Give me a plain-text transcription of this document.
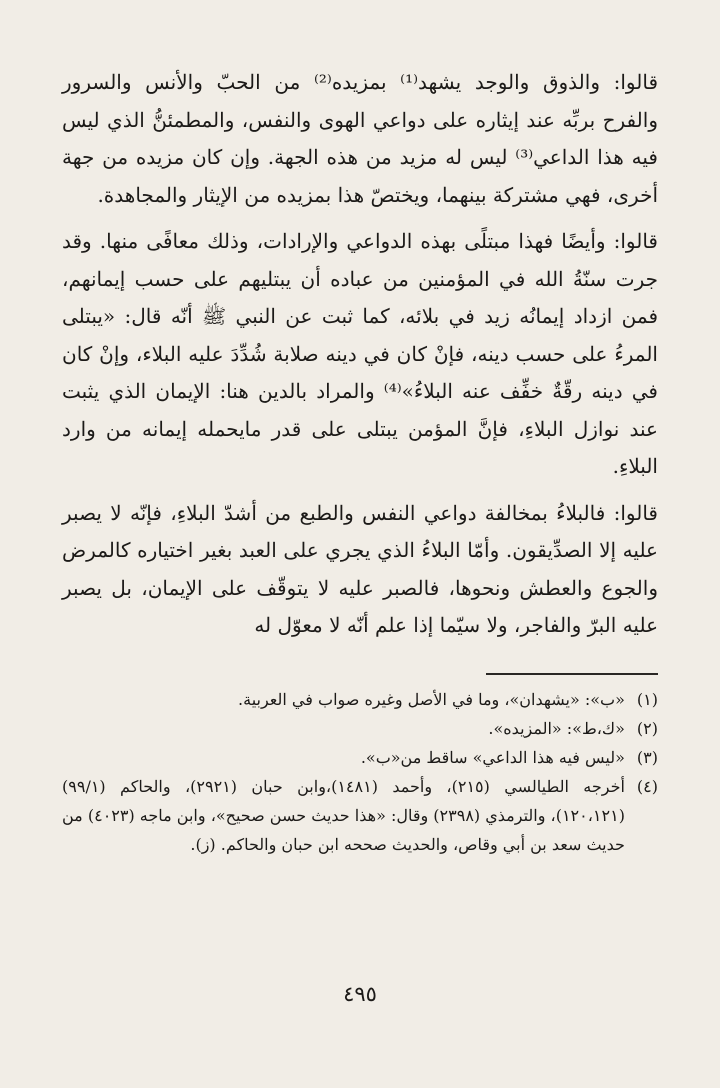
قالوا: والذوق والوجد يشهد⁽¹⁾ بمزيده⁽²⁾ من الحبّ والأنس والسرور والفرح بربِّه عند إيثاره على دواعي الهوى والنفس، والمطمئنُّ الذي ليس فيه هذا الداعي⁽³⁾ ليس له مزيد من هذه الجهة. وإن كان مزيده من جهة أخرى، فهي مشتركة بينهما، ويختصّ هذا بمزيده من الإيثار والمجاهدة.

قالوا: وأيضًا فهذا مبتلًى بهذه الدواعي والإرادات، وذلك معافًى منها. وقد جرت سنّةُ الله في المؤمنين من عباده أن يبتليهم على حسب إيمانهم، فمن ازداد إيمانُه زيد في بلائه، كما ثبت عن النبي ﷺ أنّه قال: «يبتلى المرءُ على حسب دينه، فإنْ كان في دينه صلابة شُدِّدَ عليه البلاء، وإنْ كان في دينه رقّةٌ خفِّف عنه البلاءُ»⁽⁴⁾ والمراد بالدين هنا: الإيمان الذي يثبت عند نوازل البلاءِ، فإنَّ المؤمن يبتلى على قدر مايحمله إيمانه من وارد البلاءِ.

قالوا: فالبلاءُ بمخالفة دواعي النفس والطبع من أشدّ البلاءِ، فإنّه لا يصبر عليه إلا الصدِّيقون. وأمّا البلاءُ الذي يجري على العبد بغير اختياره كالمرض والجوع والعطش ونحوها، فالصبر عليه لا يتوقّف على الإيمان، بل يصبر عليه البرّ والفاجر، ولا سيّما إذا علم أنّه لا معوّل له

(١)
«ب»: «يشهدان»، وما في الأصل وغيره صواب في العربية.
(٢)
«ك،ط»: «المزيده».
(٣)
«ليس فيه هذا الداعي» ساقط من«ب».
(٤)
أخرجه الطيالسي (٢١٥)، وأحمد (١٤٨١)،وابن حبان (٢٩٢١)، والحاكم (٩٩/١) (١٢٠،١٢١)، والترمذي (٢٣٩٨) وقال: «هذا حديث حسن صحيح»، وابن ماجه (٤٠٢٣) من حديث سعد بن أبي وقاص، والحديث صححه ابن حبان والحاكم. (ز).
٤٩٥
